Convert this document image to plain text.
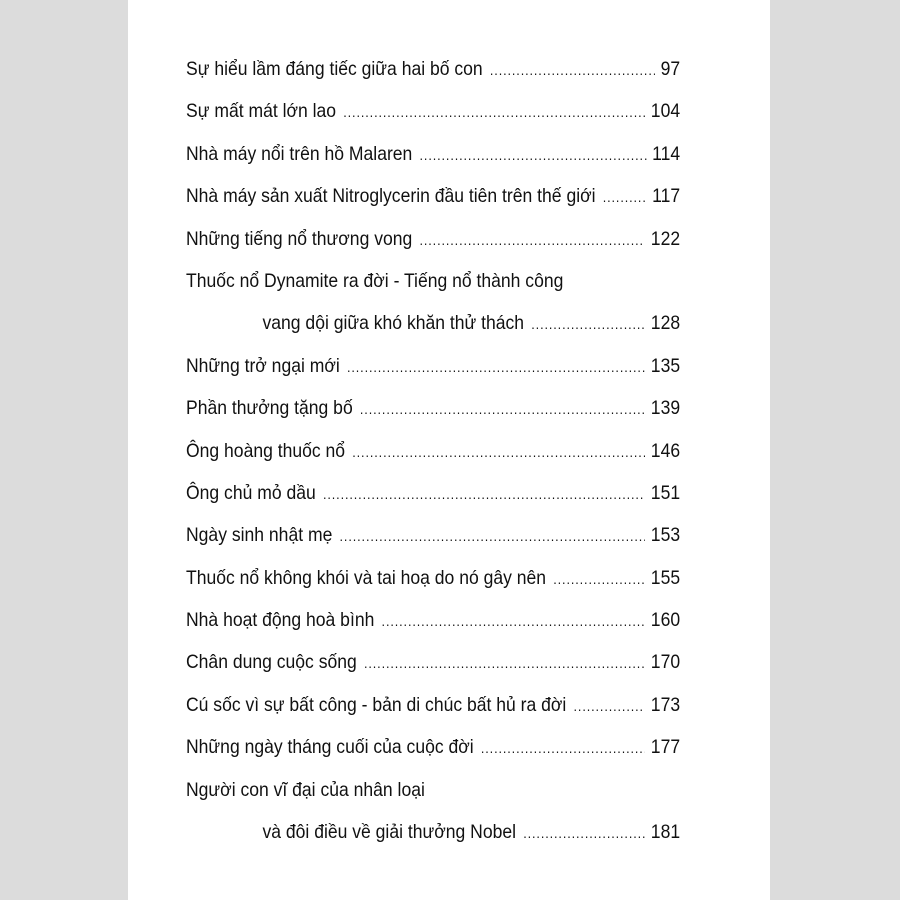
Sự hiểu lầm đáng tiếc giữa hai bố con .....	97
Sự mất mát lớn lao .....	104
Nhà máy nổi trên hồ Malaren .....	114
Nhà máy sản xuất Nitroglycerin đầu tiên trên thế giới .....	117
Những tiếng nổ thương vong .....	122
Thuốc nổ Dynamite ra đời - Tiếng nổ thành công
vang dội giữa khó khăn thử thách .....	128
Những trở ngại mới .....	135
Phần thưởng tặng bố .....	139
Ông hoàng thuốc nổ .....	146
Ông chủ mỏ dầu .....	151
Ngày sinh nhật mẹ .....	153
Thuốc nổ không khói và tai hoạ do nó gây nên .....	155
Nhà hoạt động hoà bình .....	160
Chân dung cuộc sống .....	170
Cú sốc vì sự bất công - bản di chúc bất hủ ra đời .....	173
Những ngày tháng cuối của cuộc đời .....	177
Người con vĩ đại của nhân loại
và đôi điều về giải thưởng Nobel .....	181
